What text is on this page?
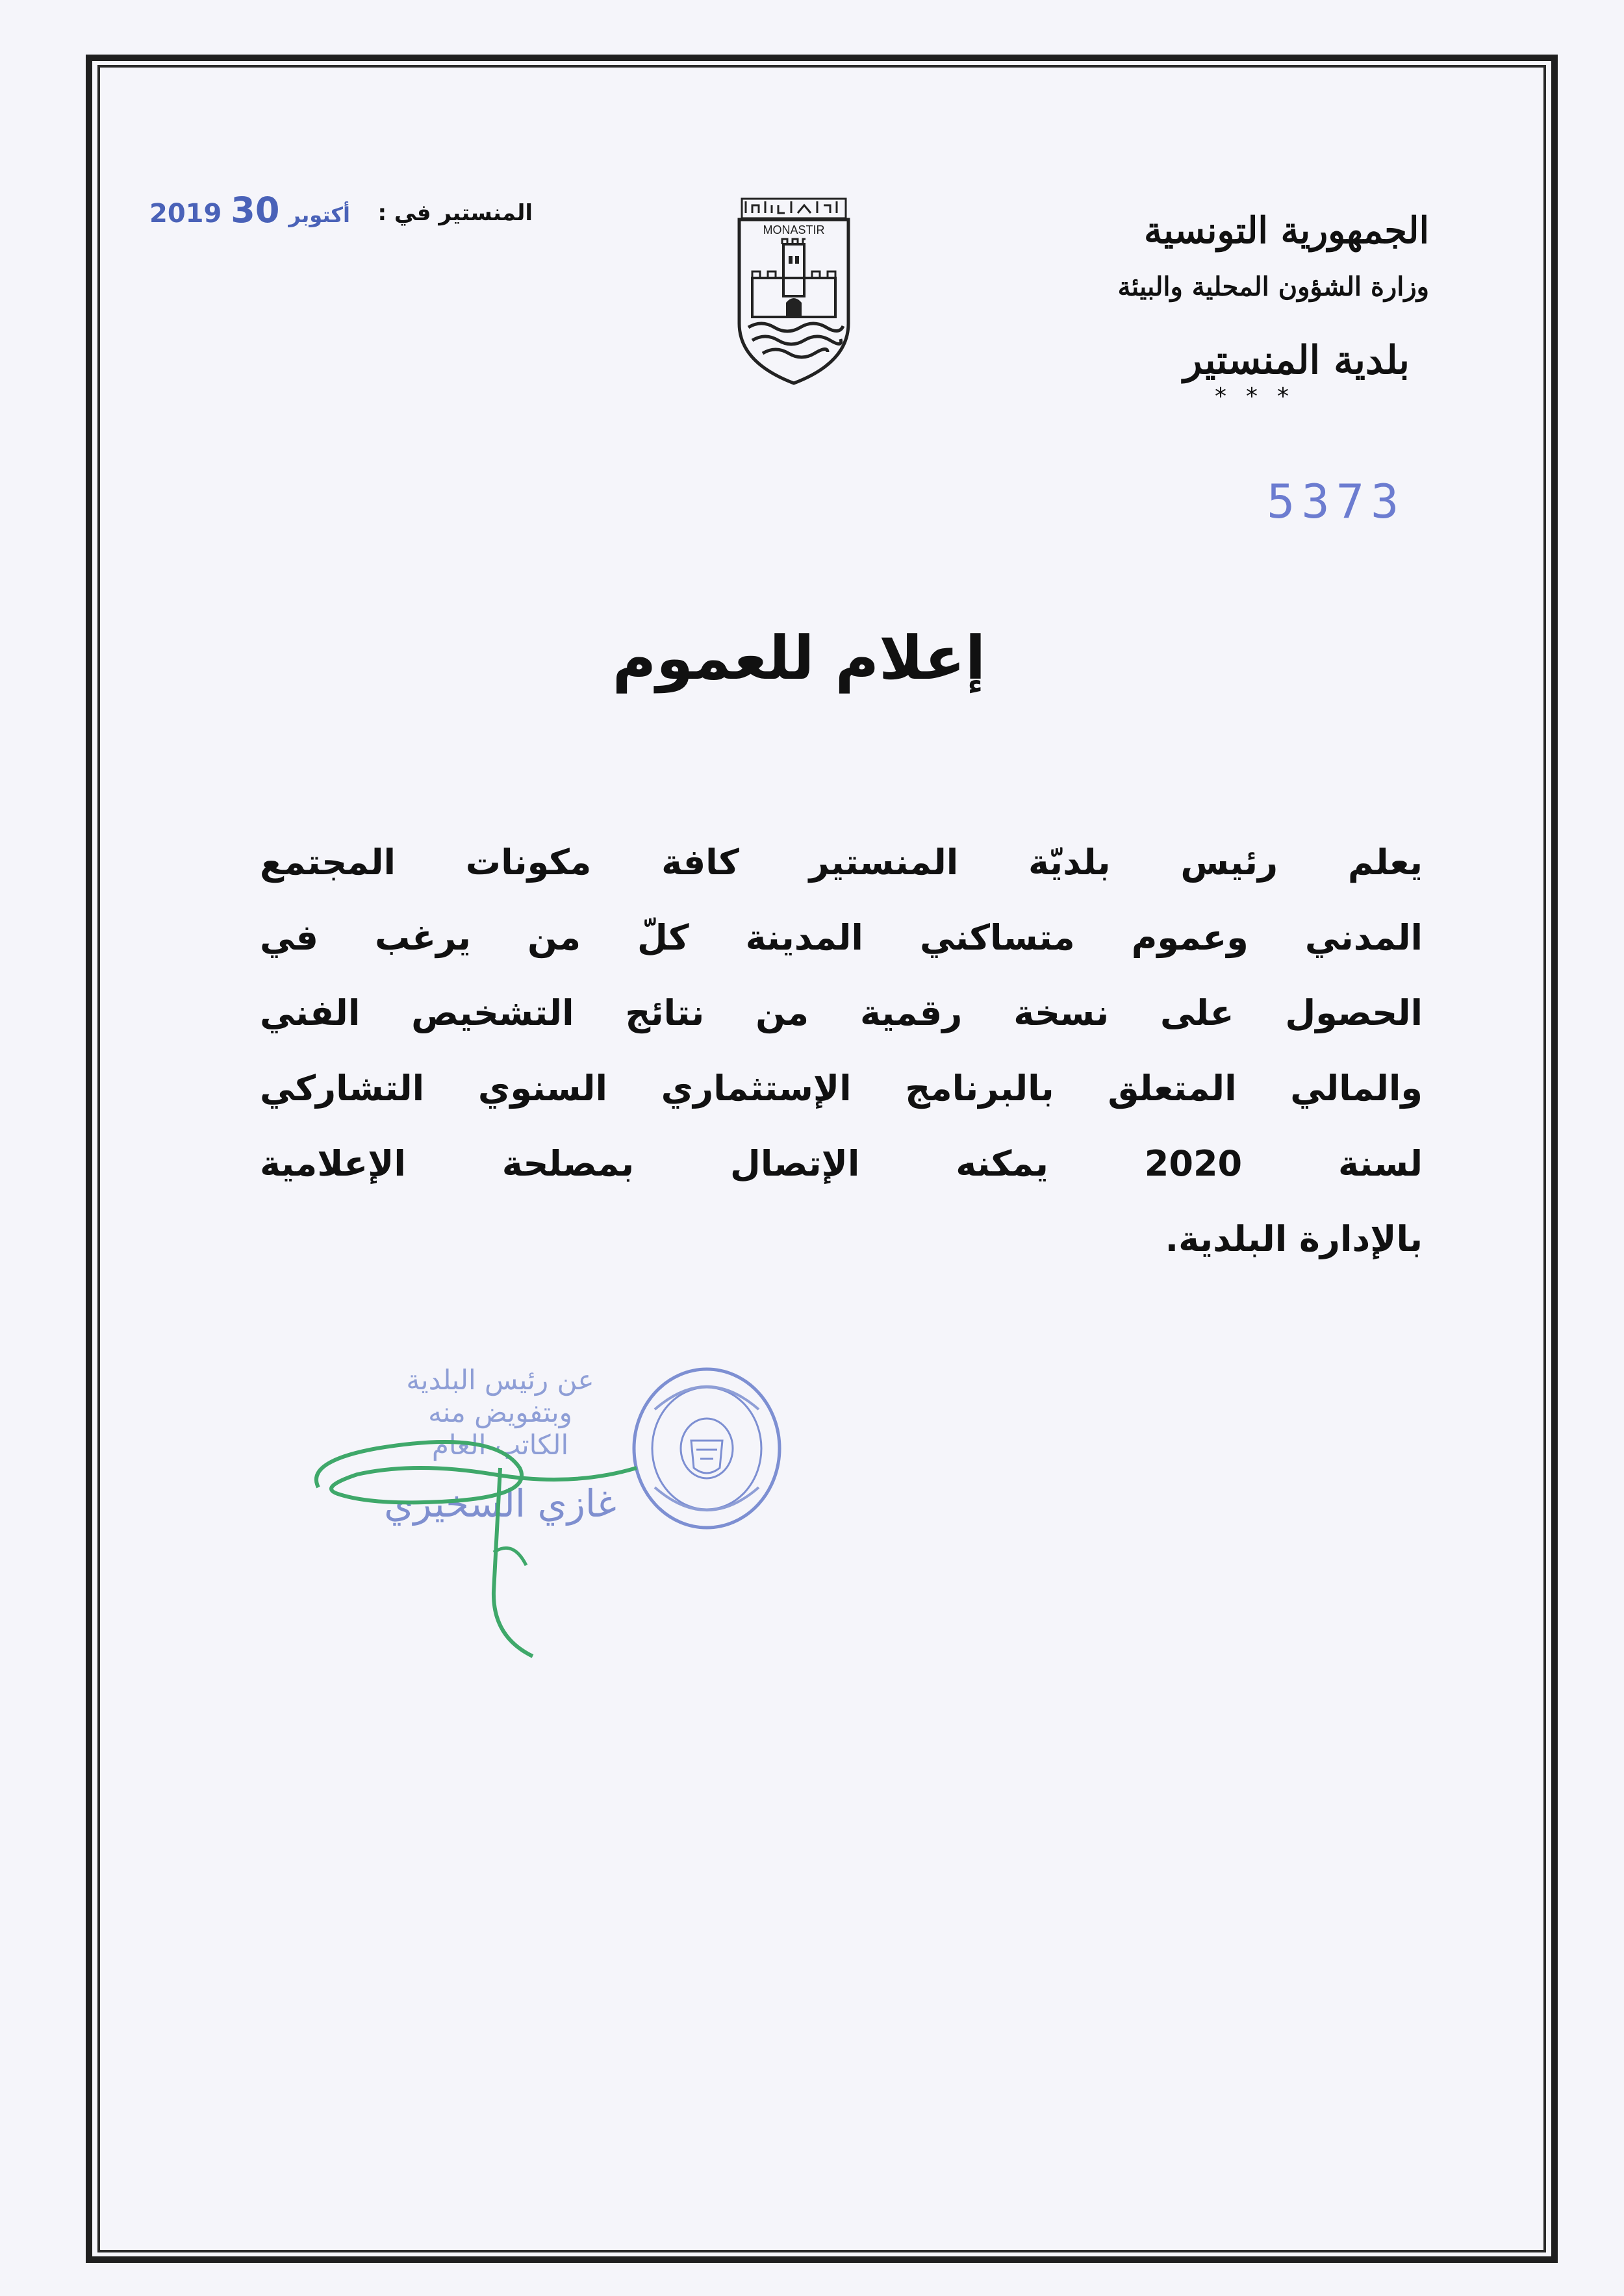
الجمهورية التونسية
وزارة الشؤون المحلية والبيئة
بلدية المنستير
***
MONASTIR
المنستير في :
2019	أكتوبر 30
5373
إعلام للعموم
يعلم رئيس بلديّة المنستير كافة مكونات المجتمع
المدني وعموم متساكني المدينة كلّ من يرغب في
الحصول على نسخة رقمية من نتائج التشخيص الفني
والمالي المتعلق بالبرنامج الإستثماري السنوي التشاركي
لسنة 2020 يمكنه الإتصال بمصلحة الإعلامية
بالإدارة البلدية.
عن رئيس البلدية
وبتفويض منه
الكاتب العام
غازي السخيري
